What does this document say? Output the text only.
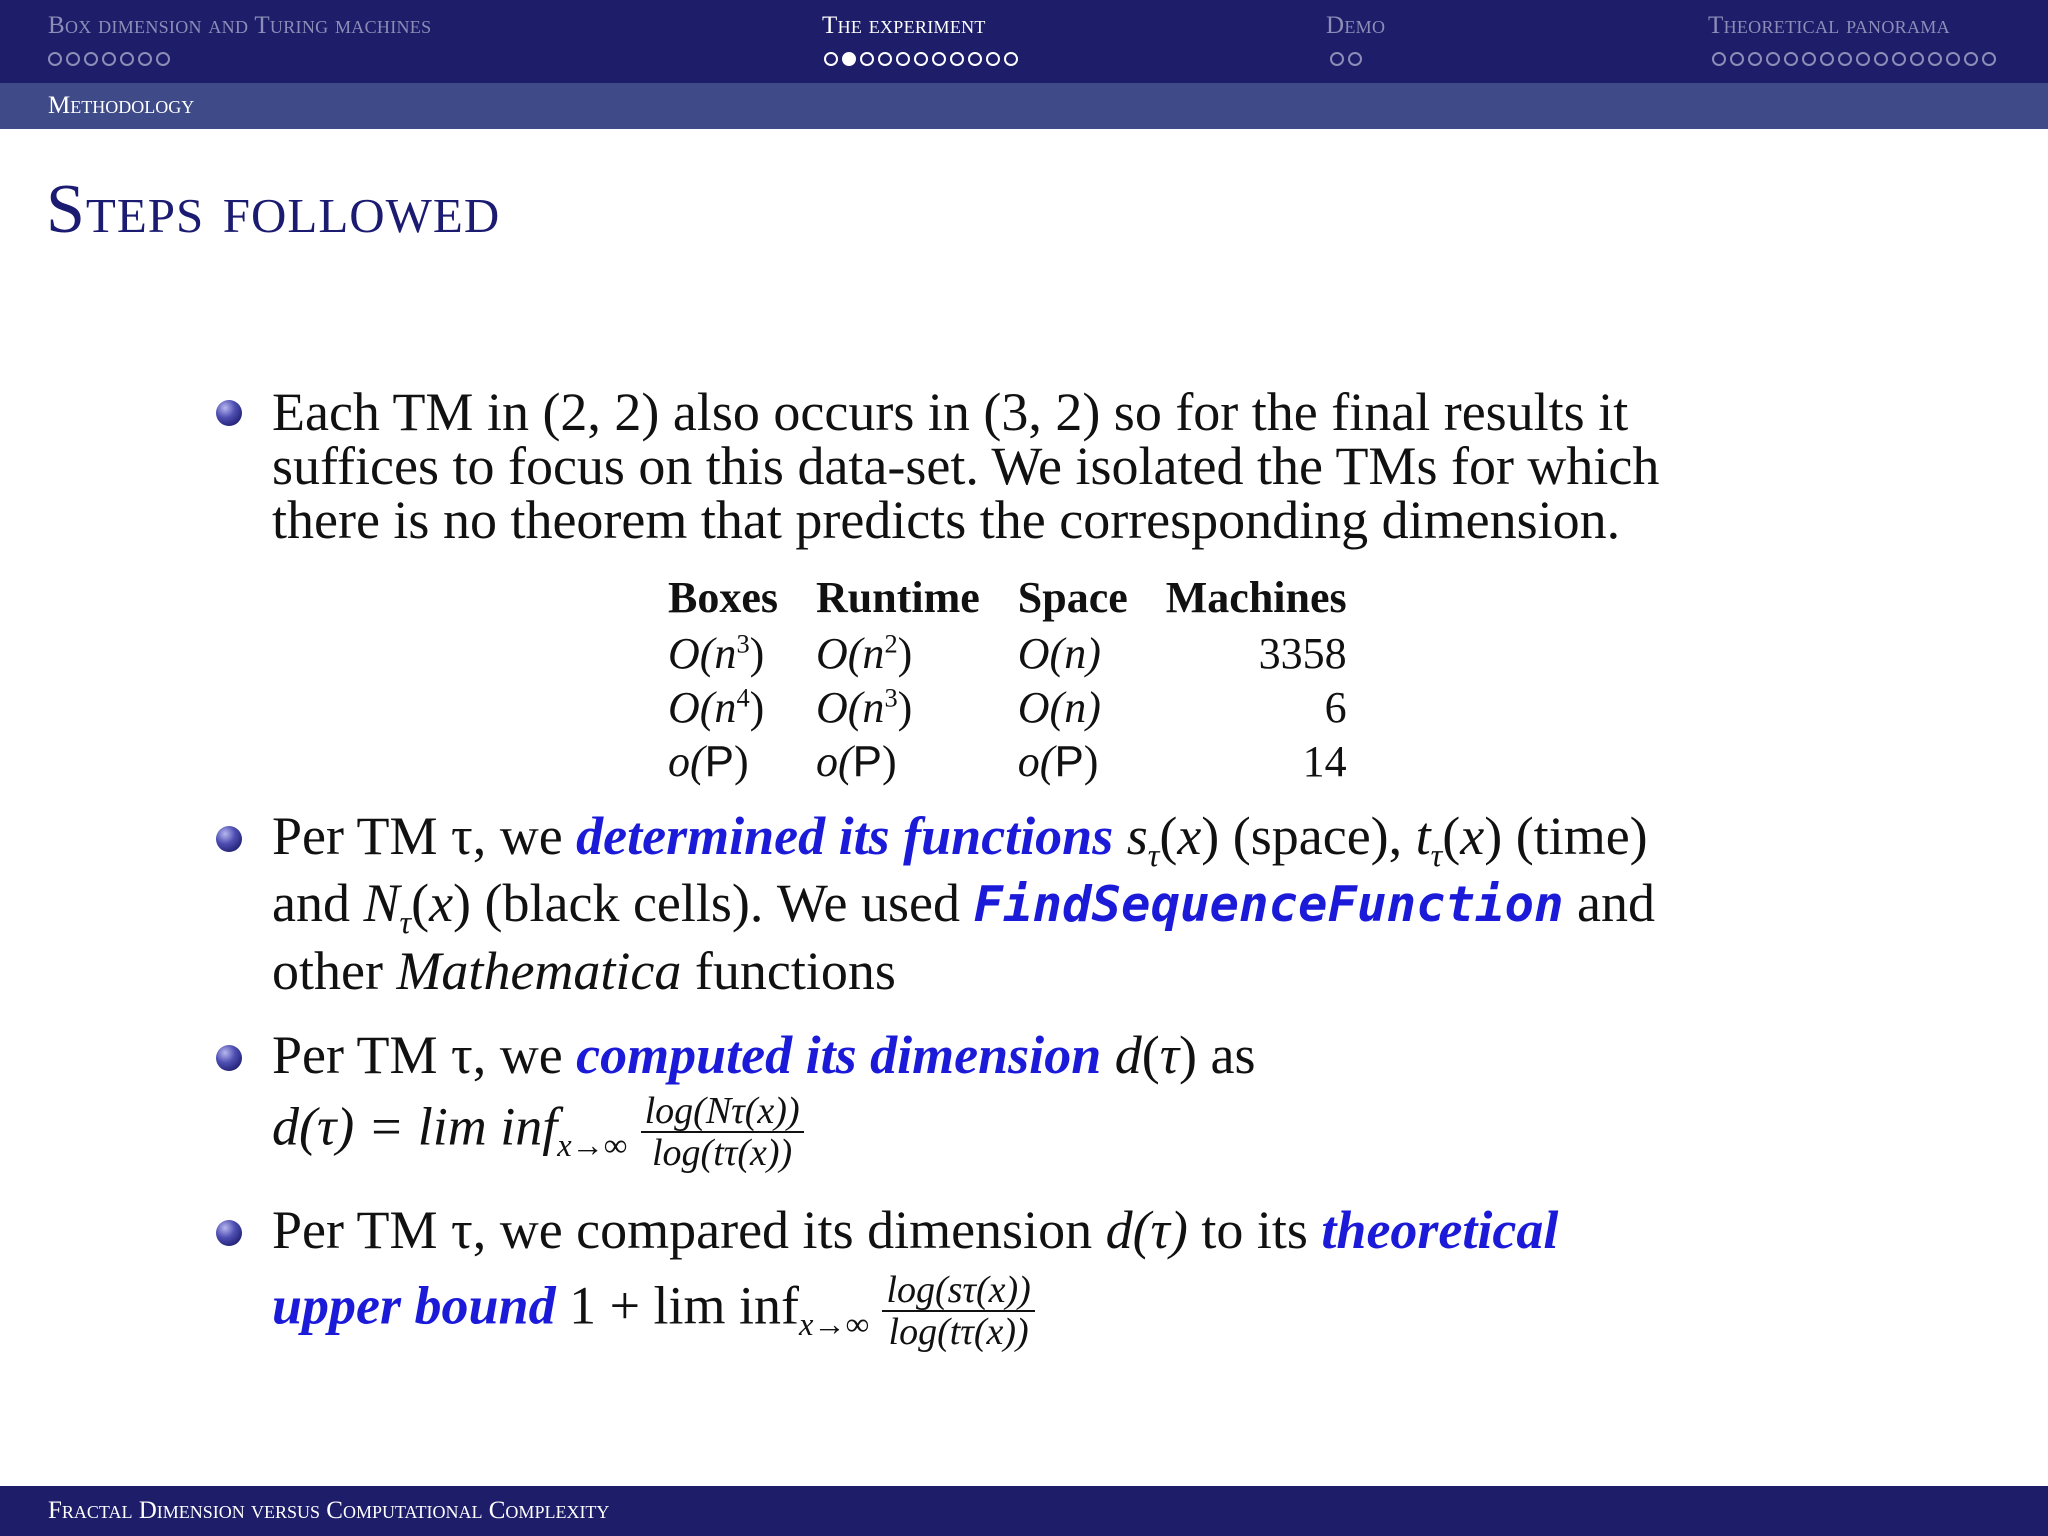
Box dimension and Turing machines	The experiment	Demo	Theoretical panorama
Methodology
Steps followed
Each TM in (2, 2) also occurs in (3, 2) so for the final results it
suffices to focus on this data-set. We isolated the TMs for which
there is no theorem that predicts the corresponding dimension.
Boxes	Runtime	Space	Machines
$O(n^3)$	$O(n^2)$	O(n)	3358
$O(n^4)$	$O(n^3)$	O(n)	6
o(P)	o(P)	o(P)	14
Per TM τ, we determined its functions $s_\tau(x)$ (space), $t_\tau(x)$ (time)
and $N_\tau(x)$ (black cells). We used FindSequenceFunction and
other Mathematica functions
Per TM τ, we computed its dimension d(τ) as
$d(\tau) = \lim inf_{x\to\infty} \frac{\log(N\tau(x))}{\log(t\tau(x))}$
Per TM τ, we compared its dimension d(τ) to its theoretical
upper bound $1 + \lim inf_{x\to\infty} \frac{\log(s\tau(x))}{\log(t\tau(x))}$
Fractal Dimension versus Computational Complexity
